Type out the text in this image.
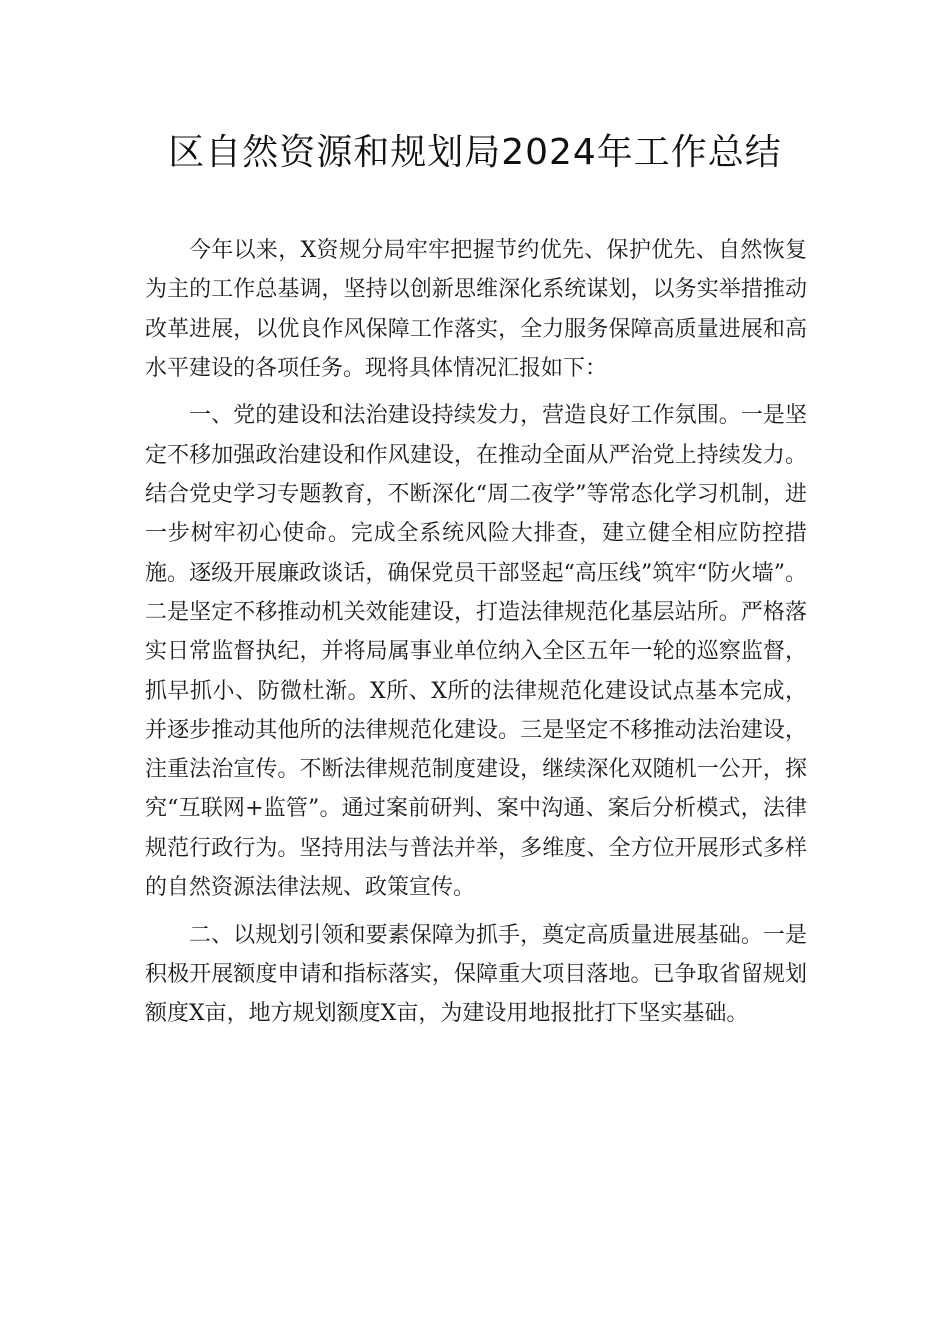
区自然资源和规划局2024年工作总结

今年以来，X资规分局牢牢把握节约优先、保护优先、自然恢复为主的工作总基调，坚持以创新思维深化系统谋划，以务实举措推动改革进展，以优良作风保障工作落实，全力服务保障高质量进展和高水平建设的各项任务。现将具体情况汇报如下：

一、党的建设和法治建设持续发力，营造良好工作氛围。一是坚定不移加强政治建设和作风建设，在推动全面从严治党上持续发力。结合党史学习专题教育，不断深化“周二夜学”等常态化学习机制，进一步树牢初心使命。完成全系统风险大排查，建立健全相应防控措施。逐级开展廉政谈话，确保党员干部竖起“高压线”筑牢“防火墙”。二是坚定不移推动机关效能建设，打造法律规范化基层站所。严格落实日常监督执纪，并将局属事业单位纳入全区五年一轮的巡察监督，抓早抓小、防微杜渐。X所、X所的法律规范化建设试点基本完成，并逐步推动其他所的法律规范化建设。三是坚定不移推动法治建设，注重法治宣传。不断法律规范制度建设，继续深化双随机一公开，探究“互联网+监管”。通过案前研判、案中沟通、案后分析模式，法律规范行政行为。坚持用法与普法并举，多维度、全方位开展形式多样的自然资源法律法规、政策宣传。

二、以规划引领和要素保障为抓手，奠定高质量进展基础。一是积极开展额度申请和指标落实，保障重大项目落地。已争取省留规划额度X亩，地方规划额度X亩，为建设用地报批打下坚实基础。
